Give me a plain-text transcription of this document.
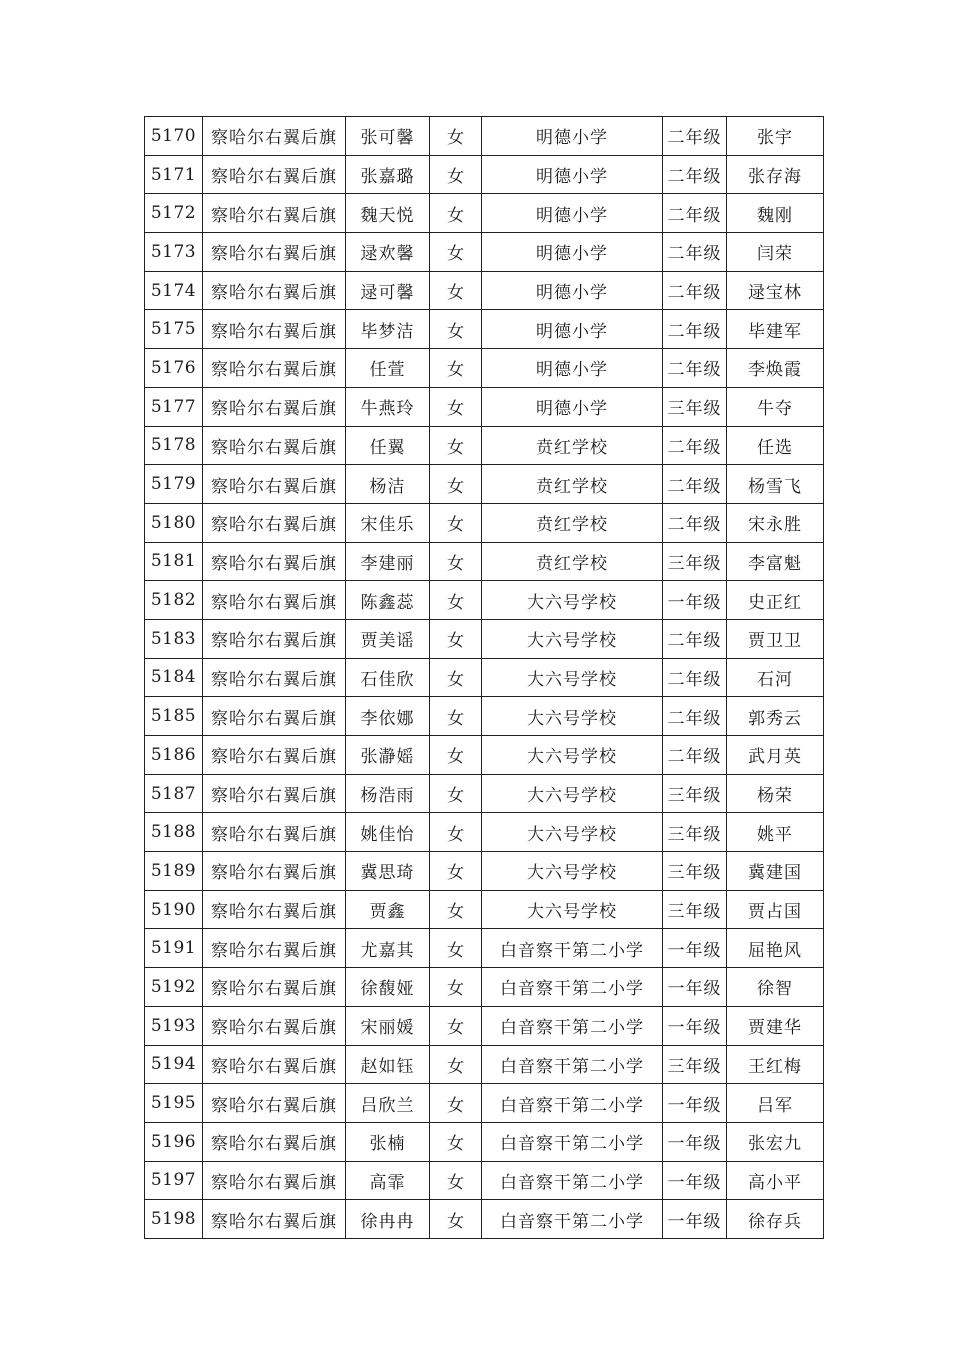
5170	察哈尔右翼后旗	张可馨	女	明德小学	二年级	张宇
5171	察哈尔右翼后旗	张嘉璐	女	明德小学	二年级	张存海
5172	察哈尔右翼后旗	魏天悦	女	明德小学	二年级	魏刚
5173	察哈尔右翼后旗	逯欢馨	女	明德小学	二年级	闫荣
5174	察哈尔右翼后旗	逯可馨	女	明德小学	二年级	逯宝林
5175	察哈尔右翼后旗	毕梦洁	女	明德小学	二年级	毕建军
5176	察哈尔右翼后旗	任萱	女	明德小学	二年级	李焕霞
5177	察哈尔右翼后旗	牛燕玲	女	明德小学	三年级	牛夺
5178	察哈尔右翼后旗	任翼	女	贲红学校	二年级	任选
5179	察哈尔右翼后旗	杨洁	女	贲红学校	二年级	杨雪飞
5180	察哈尔右翼后旗	宋佳乐	女	贲红学校	二年级	宋永胜
5181	察哈尔右翼后旗	李建丽	女	贲红学校	三年级	李富魁
5182	察哈尔右翼后旗	陈鑫蕊	女	大六号学校	一年级	史正红
5183	察哈尔右翼后旗	贾美谣	女	大六号学校	二年级	贾卫卫
5184	察哈尔右翼后旗	石佳欣	女	大六号学校	二年级	石河
5185	察哈尔右翼后旗	李依娜	女	大六号学校	二年级	郭秀云
5186	察哈尔右翼后旗	张瀞媱	女	大六号学校	二年级	武月英
5187	察哈尔右翼后旗	杨浩雨	女	大六号学校	三年级	杨荣
5188	察哈尔右翼后旗	姚佳怡	女	大六号学校	三年级	姚平
5189	察哈尔右翼后旗	冀思琦	女	大六号学校	三年级	冀建国
5190	察哈尔右翼后旗	贾鑫	女	大六号学校	三年级	贾占国
5191	察哈尔右翼后旗	尤嘉其	女	白音察干第二小学	一年级	屈艳风
5192	察哈尔右翼后旗	徐馥娅	女	白音察干第二小学	一年级	徐智
5193	察哈尔右翼后旗	宋丽媛	女	白音察干第二小学	一年级	贾建华
5194	察哈尔右翼后旗	赵如钰	女	白音察干第二小学	三年级	王红梅
5195	察哈尔右翼后旗	吕欣兰	女	白音察干第二小学	一年级	吕军
5196	察哈尔右翼后旗	张楠	女	白音察干第二小学	一年级	张宏九
5197	察哈尔右翼后旗	高霏	女	白音察干第二小学	一年级	高小平
5198	察哈尔右翼后旗	徐冉冉	女	白音察干第二小学	一年级	徐存兵
